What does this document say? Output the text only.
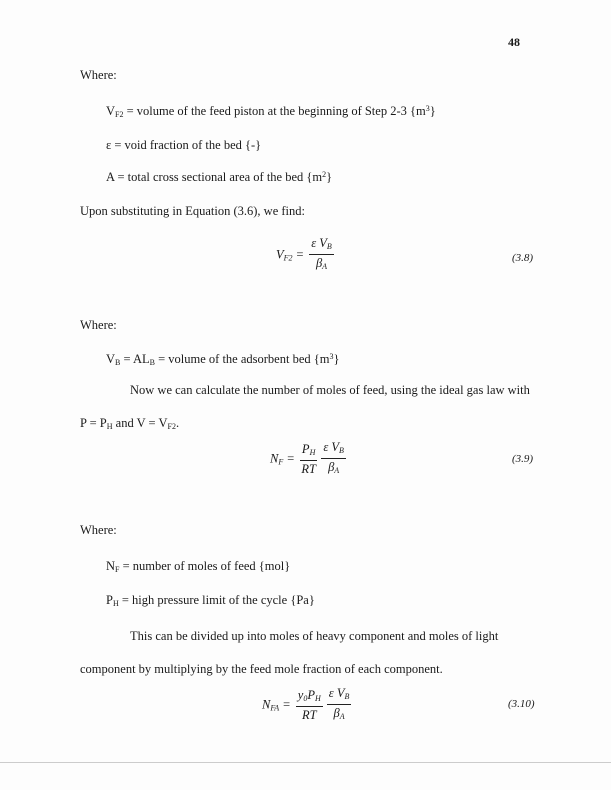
48
Where:
$V_{F2}$ = volume of the feed piston at the beginning of Step 2-3 $\{m^3\}$
ε = void fraction of the bed {-}
A = total cross sectional area of the bed $\{m^2\}$
Upon substituting in Equation (3.6), we find:
$V_{F2} = \frac{\varepsilon V_B}{\beta_A}$	(3.8)
Where:
$V_B = AL_B$ = volume of the adsorbent bed $\{m^3\}$
Now we can calculate the number of moles of feed, using the ideal gas law with
$P = P_H$ and $V = V_{F2}$.
$N_F = \frac{P_H}{RT} \frac{\varepsilon V_B}{\beta_A}$	(3.9)
Where:
$N_F$ = number of moles of feed {mol}
$P_H$ = high pressure limit of the cycle {Pa}
This can be divided up into moles of heavy component and moles of light
component by multiplying by the feed mole fraction of each component.
$N_{FA} = \frac{y_0P_H}{RT} \frac{\varepsilon V_B}{\beta_A}$	(3.10)
